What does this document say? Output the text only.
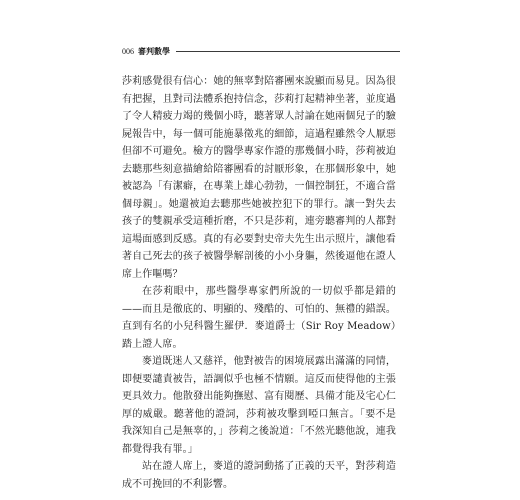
006 審判數學

莎莉感覺很有信心：她的無辜對陪審團來說顯而易見。因為很有把握，且對司法體系抱持信念，莎莉打起精神坐著，並度過了令人精疲力竭的幾個小時，聽著眾人討論在她兩個兒子的驗屍報告中，每一個可能施暴徵兆的細節，這過程雖然令人厭惡但卻不可避免。檢方的醫學專家作證的那幾個小時，莎莉被迫去聽那些刻意描繪給陪審團看的討厭形象，在那個形象中，她被認為「有潔癖，在專業上雄心勃勃，一個控制狂，不適合當個母親」。她還被迫去聽那些她被控犯下的罪行。讓一對失去孩子的雙親承受這種折磨，不只是莎莉，連旁聽審判的人都對這場面感到反感。真的有必要對史帝夫先生出示照片，讓他看著自己死去的孩子被醫學解剖後的小小身軀，然後逼他在證人席上作嘔嗎？

在莎莉眼中，那些醫學專家們所說的一切似乎都是錯的——而且是徹底的、明顯的、殘酷的、可怕的、無禮的錯誤。直到有名的小兒科醫生羅伊．麥道爵士（Sir Roy Meadow）踏上證人席。

麥道既迷人又慈祥，他對被告的困境展露出滿滿的同情，即便要譴責被告，語調似乎也極不情願。這反而使得他的主張更具效力。他散發出能夠撫慰、富有閱歷、具備才能及宅心仁厚的威嚴。聽著他的證詞，莎莉被攻擊到啞口無言。「要不是我深知自己是無辜的，」莎莉之後說道：「不然光聽他說，連我都覺得我有罪。」

站在證人席上，麥道的證詞動搖了正義的天平，對莎莉造成不可挽回的不利影響。
